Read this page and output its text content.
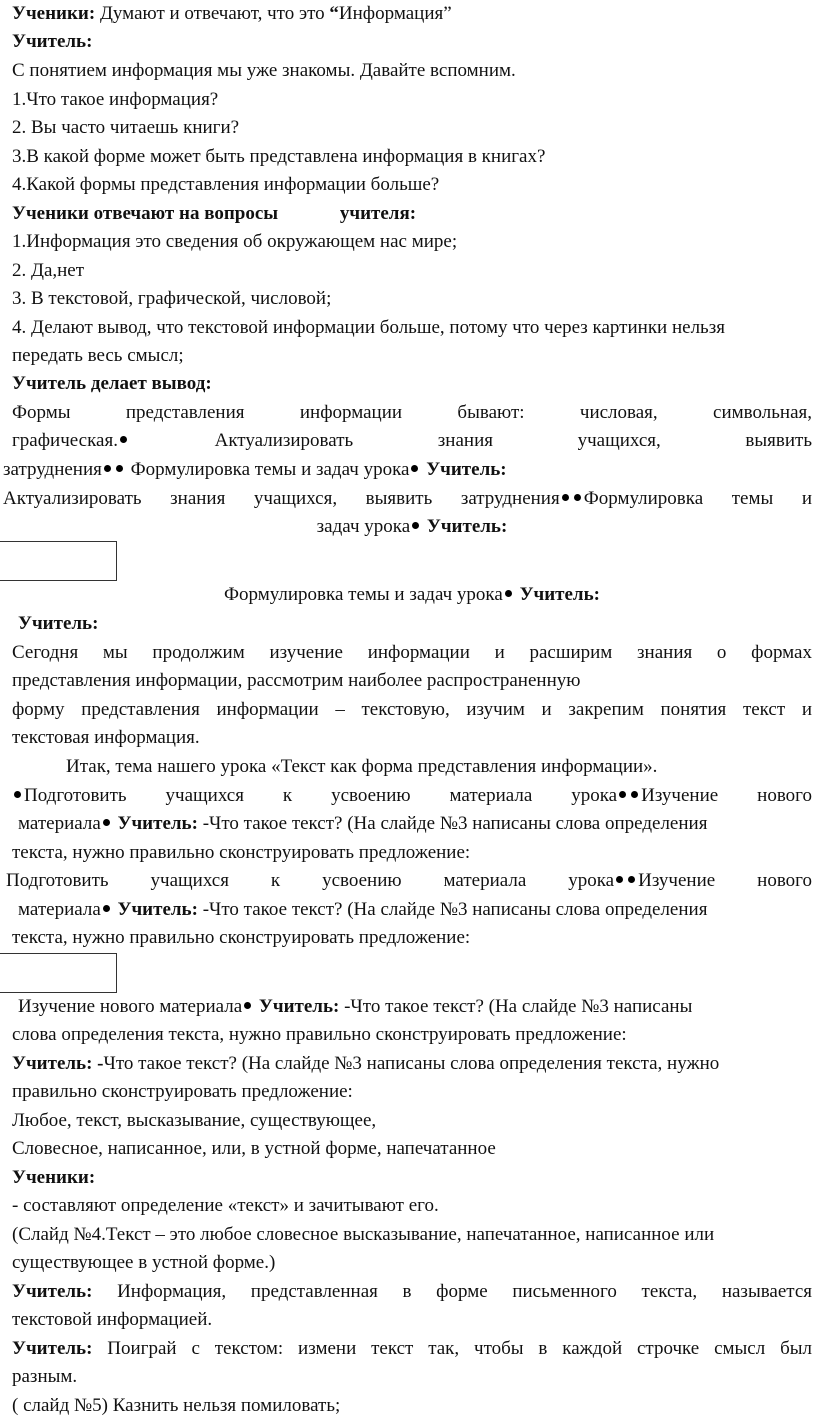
Ученики: Думают и отвечают, что это “Информация”
Учитель:
С понятием информация мы уже знакомы. Давайте вспомним.
1.Что такое информация?
2. Вы часто читаешь книги?
3.В какой форме может быть представлена информация в книгах?
4.Какой формы представления информации больше?
Ученики отвечают на вопросы             учителя:
1.Информация это сведения об окружающем нас мире;
2. Да,нет
3. В текстовой, графической, числовой;
4. Делают вывод, что текстовой информации больше, потому что через картинки нельзя
передать весь смысл;
Учитель делает вывод:
Формы представления информации бывают: числовая, символьная,
графическая. Актуализировать знания учащихся, выявить
затруднения Формулировка темы и задач урока Учитель:
Актуализировать знания учащихся, выявить затруднения Формулировка темы и
задач урока Учитель:
Формулировка темы и задач урока Учитель:
Учитель:
Сегодня мы продолжим изучение информации и расширим знания о формах
представления информации, рассмотрим наиболее распространенную
форму представления информации – текстовую, изучим и закрепим понятия текст и
текстовая информация.
Итак, тема нашего урока «Текст как форма представления информации».
Подготовить учащихся к усвоению материала урока Изучение нового
материала Учитель: -Что такое текст? (На слайде №3 написаны слова определения
текста, нужно правильно сконструировать предложение:
Подготовить учащихся к усвоению материала урока Изучение нового
материала Учитель: -Что такое текст? (На слайде №3 написаны слова определения
текста, нужно правильно сконструировать предложение:
Изучение нового материала Учитель: -Что такое текст? (На слайде №3 написаны
слова определения текста, нужно правильно сконструировать предложение:
Учитель: -Что такое текст? (На слайде №3 написаны слова определения текста, нужно
правильно сконструировать предложение:
Любое, текст, высказывание, существующее,
Словесное, написанное, или, в устной форме, напечатанное
Ученики:
- составляют определение «текст» и зачитывают его.
(Слайд №4.Текст – это любое словесное высказывание, напечатанное, написанное или
существующее в устной форме.)
Учитель: Информация, представленная в форме письменного текста, называется
текстовой информацией.
Учитель: Поиграй с текстом: измени текст так, чтобы в каждой строчке смысл был
разным.
( слайд №5) Казнить нельзя помиловать;
